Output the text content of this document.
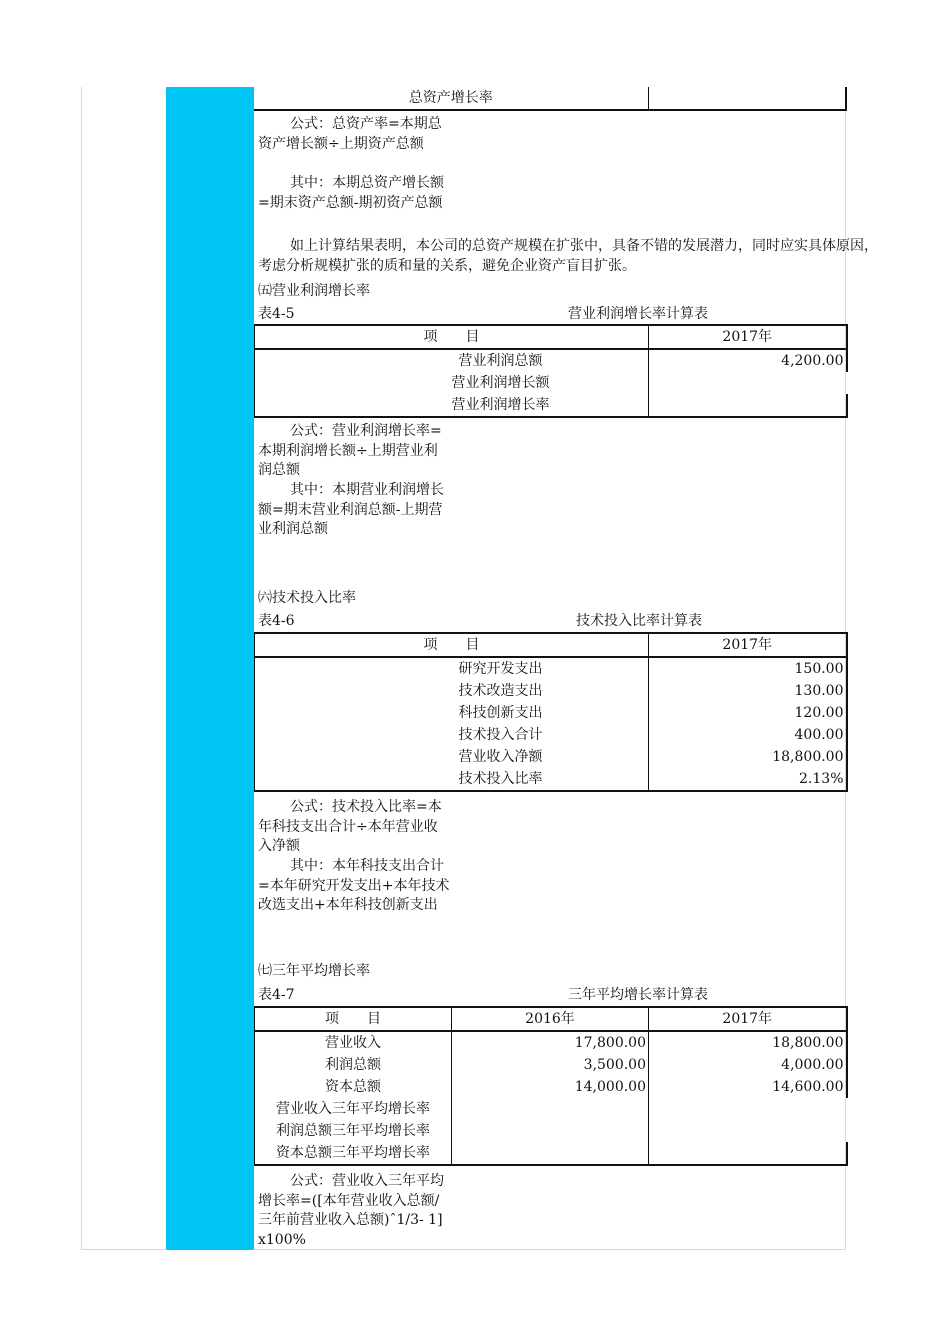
总资产增长率	
公式：总资产率=本期总资产增长额÷上期资产总额
其中：本期总资产增长额=期末资产总额-期初资产总额
如上计算结果表明，本公司的总资产规模在扩张中，具备不错的发展潜力，同时应实具体原因，考虑分析规模扩张的质和量的关系，避免企业资产盲目扩张。
㈤营业利润增长率
表4-5	营业利润增长率计算表
项　　目	2017年
营业利润总额	4,200.00
营业利润增长额	
营业利润增长率	
公式：营业利润增长率=本期利润增长额÷上期营业利润总额
其中：本期营业利润增长额=期末营业利润总额-上期营业利润总额
㈥技术投入比率
表4-6	技术投入比率计算表
项　　目	2017年
研究开发支出	150.00
技术改造支出	130.00
科技创新支出	120.00
技术投入合计	400.00
营业收入净额	18,800.00
技术投入比率	2.13%
公式：技术投入比率=本年科技支出合计÷本年营业收入净额
其中：本年科技支出合计=本年研究开发支出+本年技术改选支出+本年科技创新支出
㈦三年平均增长率
表4-7	三年平均增长率计算表
项　　目	2016年	2017年
营业收入	17,800.00	18,800.00
利润总额	3,500.00	4,000.00
资本总额	14,000.00	14,600.00
营业收入三年平均增长率		
利润总额三年平均增长率		
资本总额三年平均增长率		
公式：营业收入三年平均增长率=([本年营业收入总额/三年前营业收入总额)ˆ1/3- 1]x100%
